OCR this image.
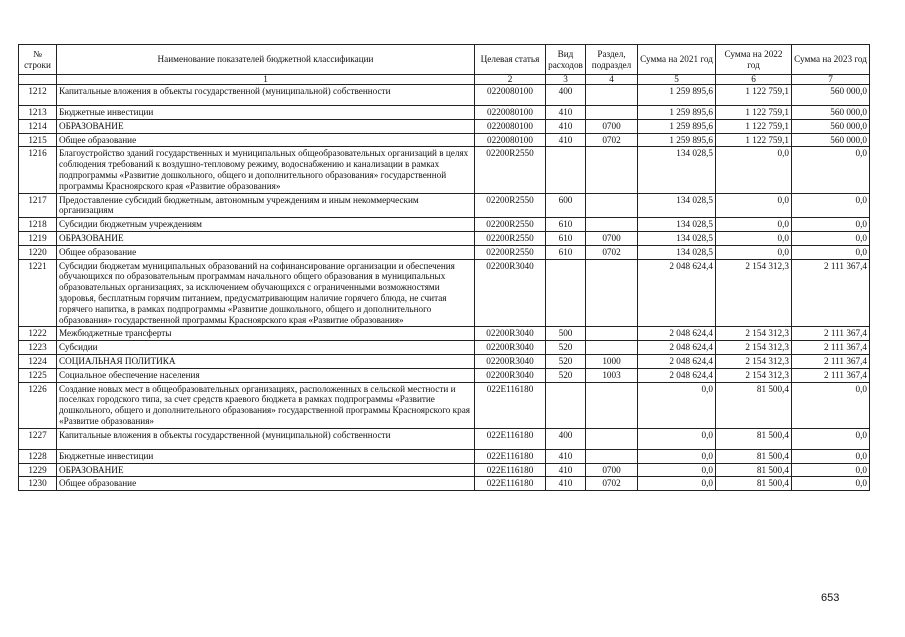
№ строки	Наименование показателей бюджетной классификации	Целевая статья	Вид расходов	Раздел, подраздел	Сумма на 2021 год	Сумма на 2022 год	Сумма на 2023 год
	1	2	3	4	5	6	7
1212	Капитальные вложения в объекты государственной (муниципальной) собственности	0220080100	400		1 259 895,6	1 122 759,1	560 000,0
1213	Бюджетные инвестиции	0220080100	410		1 259 895,6	1 122 759,1	560 000,0
1214	ОБРАЗОВАНИЕ	0220080100	410	0700	1 259 895,6	1 122 759,1	560 000,0
1215	Общее образование	0220080100	410	0702	1 259 895,6	1 122 759,1	560 000,0
1216	Благоустройство зданий государственных и муниципальных общеобразовательных организаций в целях соблюдения требований к воздушно-тепловому режиму, водоснабжению и канализации в рамках подпрограммы «Развитие дошкольного, общего и дополнительного образования» государственной программы Красноярского края «Развитие образования»	02200R2550			134 028,5	0,0	0,0
1217	Предоставление субсидий бюджетным, автономным учреждениям и иным некоммерческим организациям	02200R2550	600		134 028,5	0,0	0,0
1218	Субсидии бюджетным учреждениям	02200R2550	610		134 028,5	0,0	0,0
1219	ОБРАЗОВАНИЕ	02200R2550	610	0700	134 028,5	0,0	0,0
1220	Общее образование	02200R2550	610	0702	134 028,5	0,0	0,0
1221	Субсидии бюджетам муниципальных образований на софинансирование организации и обеспечения обучающихся по образовательным программам начального общего образования в муниципальных образовательных организациях, за исключением обучающихся с ограниченными возможностями здоровья, бесплатным горячим питанием, предусматривающим наличие горячего блюда, не считая горячего напитка, в рамках подпрограммы «Развитие дошкольного, общего и дополнительного образования» государственной программы Красноярского края «Развитие образования»	02200R3040			2 048 624,4	2 154 312,3	2 111 367,4
1222	Межбюджетные трансферты	02200R3040	500		2 048 624,4	2 154 312,3	2 111 367,4
1223	Субсидии	02200R3040	520		2 048 624,4	2 154 312,3	2 111 367,4
1224	СОЦИАЛЬНАЯ ПОЛИТИКА	02200R3040	520	1000	2 048 624,4	2 154 312,3	2 111 367,4
1225	Социальное обеспечение населения	02200R3040	520	1003	2 048 624,4	2 154 312,3	2 111 367,4
1226	Создание новых мест в общеобразовательных организациях, расположенных в сельской местности и поселках городского типа, за счет средств краевого бюджета в рамках подпрограммы «Развитие дошкольного, общего и дополнительного образования» государственной программы Красноярского края «Развитие образования»	022E116180			0,0	81 500,4	0,0
1227	Капитальные вложения в объекты государственной (муниципальной) собственности	022E116180	400		0,0	81 500,4	0,0
1228	Бюджетные инвестиции	022E116180	410		0,0	81 500,4	0,0
1229	ОБРАЗОВАНИЕ	022E116180	410	0700	0,0	81 500,4	0,0
1230	Общее образование	022E116180	410	0702	0,0	81 500,4	0,0
653
